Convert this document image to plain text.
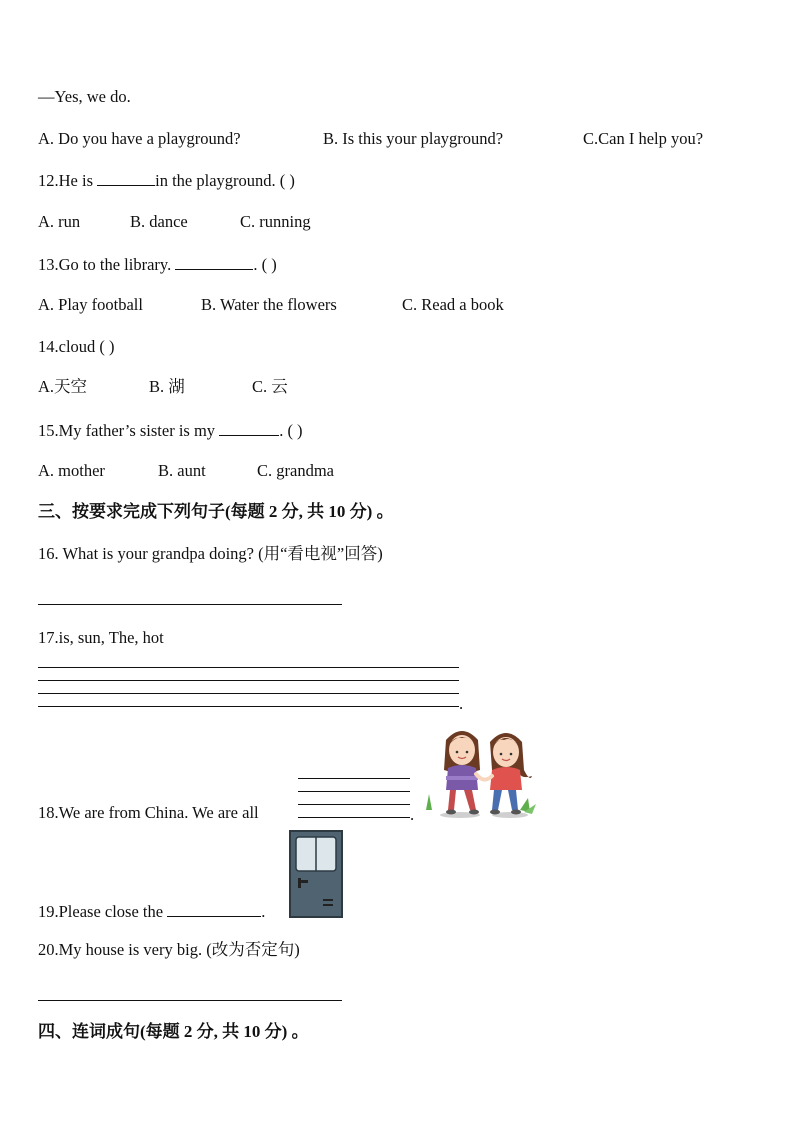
—Yes, we do.
A. Do you have a playground?	B. Is this your playground?	C.Can I help you?
12.He is	in the playground. ( )
A. run	B. dance	C. running
13.Go to the library.	. ( )
A. Play football	B. Water the flowers	C. Read a book
14.cloud ( )
A.天空	B. 湖	C. 云
15.My father’s sister is my	. ( )
A. mother	B. aunt	C. grandma
三、按要求完成下列句子(每题 2 分, 共 10 分) 。
16. What is your grandpa doing? (用“看电视”回答)
17.is, sun, The, hot
.
18.We are from China. We are all	.
19.Please close the	.
20.My house is very big. (改为否定句)
四、连词成句(每题 2 分, 共 10 分) 。
